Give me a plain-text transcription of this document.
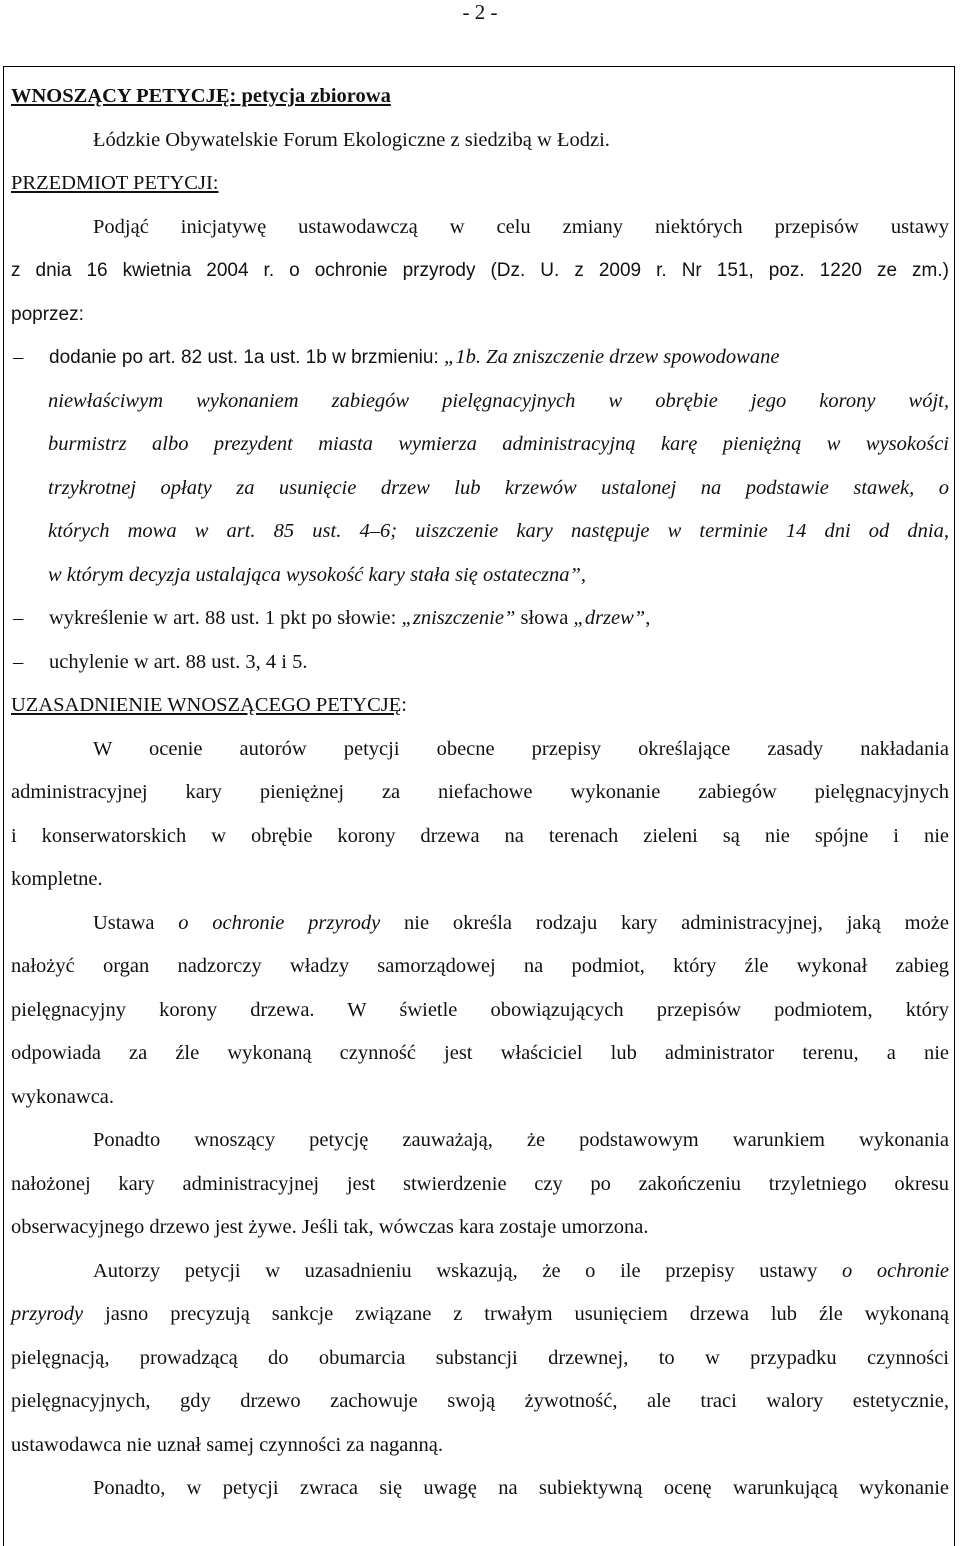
- 2 -
WNOSZĄCY PETYCJĘ: petycja zbiorowa
Łódzkie Obywatelskie Forum Ekologiczne z siedzibą w Łodzi.
PRZEDMIOT PETYCJI:
Podjąć inicjatywę ustawodawczą w celu zmiany niektórych przepisów ustawy
z dnia 16 kwietnia 2004 r. o ochronie przyrody (Dz. U. z 2009 r. Nr 151, poz. 1220 ze zm.)
poprzez:
– dodanie po art. 82 ust. 1a ust. 1b w brzmieniu: „1b. Za zniszczenie drzew spowodowane
niewłaściwym wykonaniem zabiegów pielęgnacyjnych w obrębie jego korony wójt,
burmistrz albo prezydent miasta wymierza administracyjną karę pieniężną w wysokości
trzykrotnej opłaty za usunięcie drzew lub krzewów ustalonej na podstawie stawek, o
których mowa w art. 85 ust. 4–6; uiszczenie kary następuje w terminie 14 dni od dnia,
w którym decyzja ustalająca wysokość kary stała się ostateczna”,
– wykreślenie w art. 88 ust. 1 pkt po słowie: „zniszczenie” słowa „drzew”,
– uchylenie w art. 88 ust. 3, 4 i 5.
UZASADNIENIE WNOSZĄCEGO PETYCJĘ:
W ocenie autorów petycji obecne przepisy określające zasady nakładania
administracyjnej kary pieniężnej za niefachowe wykonanie zabiegów pielęgnacyjnych
i konserwatorskich w obrębie korony drzewa na terenach zieleni są nie spójne i nie
kompletne.
Ustawa o ochronie przyrody nie określa rodzaju kary administracyjnej, jaką może
nałożyć organ nadzorczy władzy samorządowej na podmiot, który źle wykonał zabieg
pielęgnacyjny korony drzewa. W świetle obowiązujących przepisów podmiotem, który
odpowiada za źle wykonaną czynność jest właściciel lub administrator terenu, a nie
wykonawca.
Ponadto wnoszący petycję zauważają, że podstawowym warunkiem wykonania
nałożonej kary administracyjnej jest stwierdzenie czy po zakończeniu trzyletniego okresu
obserwacyjnego drzewo jest żywe. Jeśli tak, wówczas kara zostaje umorzona.
Autorzy petycji w uzasadnieniu wskazują, że o ile przepisy ustawy o ochronie
przyrody jasno precyzują sankcje związane z trwałym usunięciem drzewa lub źle wykonaną
pielęgnacją, prowadzącą do obumarcia substancji drzewnej, to w przypadku czynności
pielęgnacyjnych, gdy drzewo zachowuje swoją żywotność, ale traci walory estetycznie,
ustawodawca nie uznał samej czynności za naganną.
Ponadto, w petycji zwraca się uwagę na subiektywną ocenę warunkującą wykonanie
